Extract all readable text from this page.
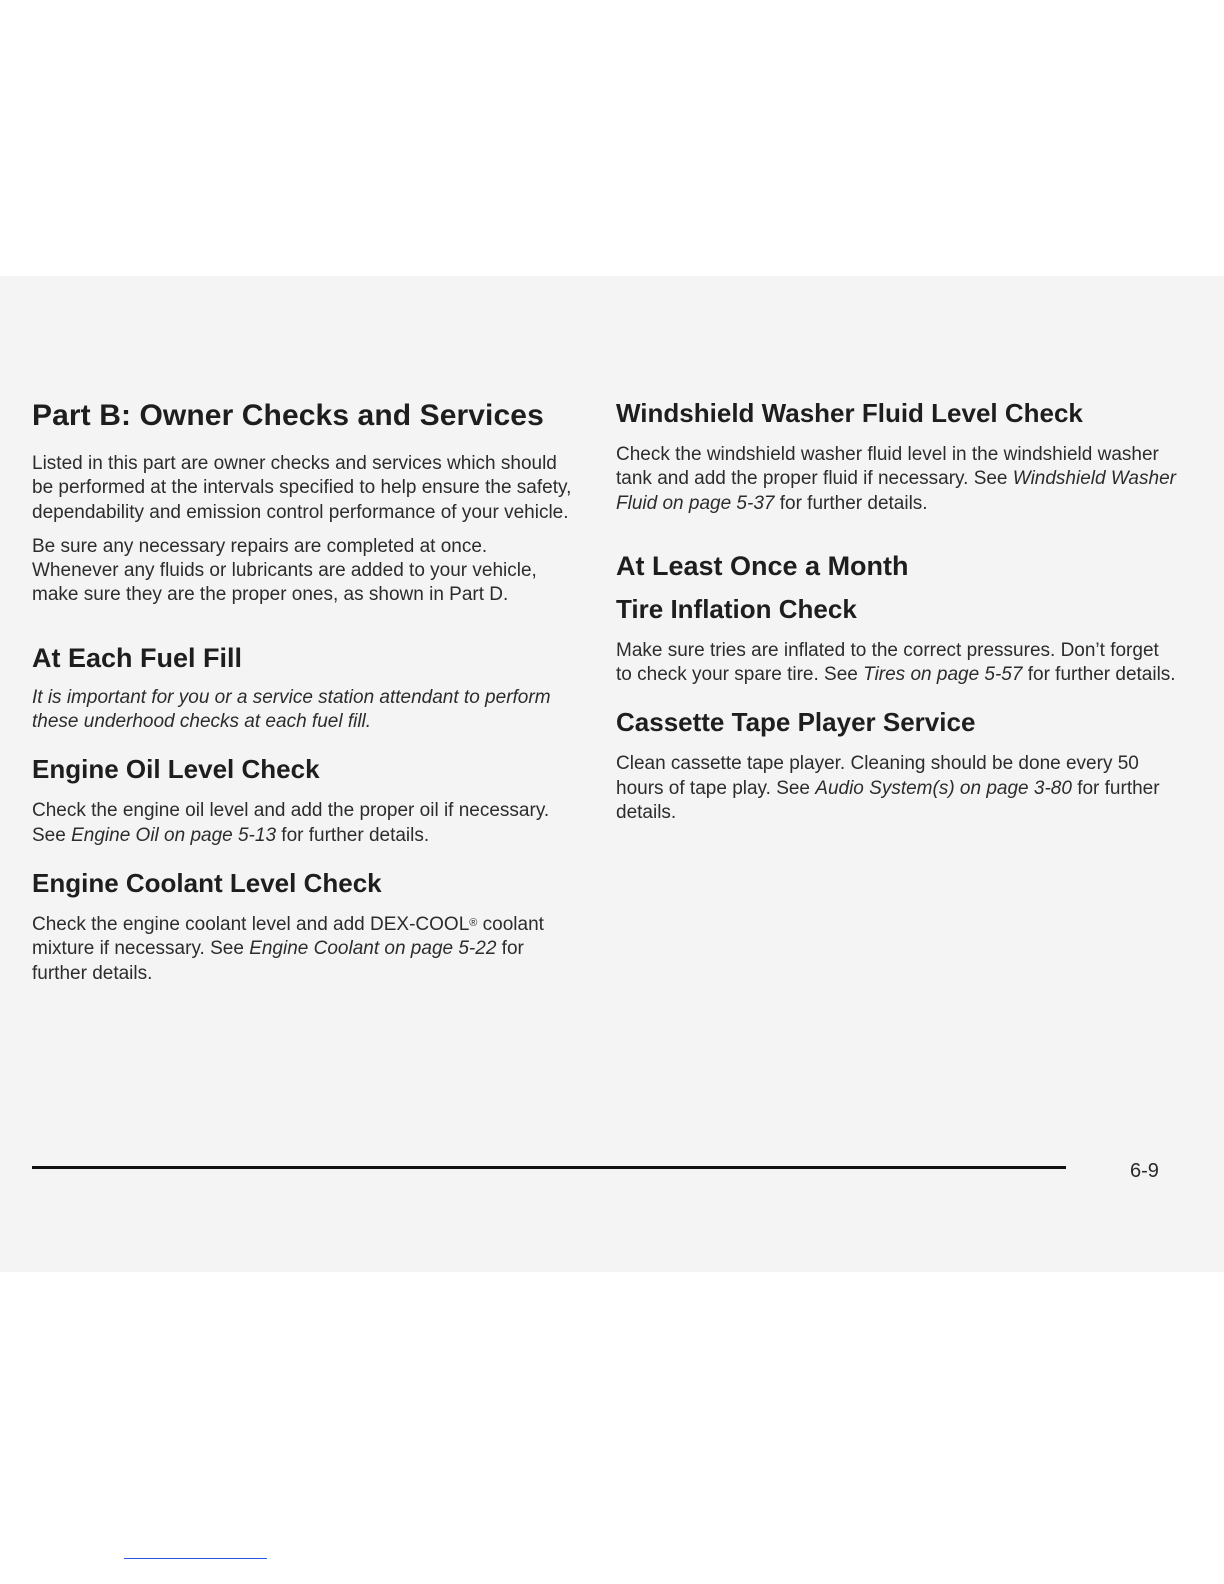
Part B: Owner Checks and Services

Listed in this part are owner checks and services which should be performed at the intervals specified to help ensure the safety, dependability and emission control performance of your vehicle.

Be sure any necessary repairs are completed at once. Whenever any fluids or lubricants are added to your vehicle, make sure they are the proper ones, as shown in Part D.

At Each Fuel Fill

It is important for you or a service station attendant to perform these underhood checks at each fuel fill.

Engine Oil Level Check

Check the engine oil level and add the proper oil if necessary. See Engine Oil on page 5-13 for further details.

Engine Coolant Level Check

Check the engine coolant level and add DEX-COOL® coolant mixture if necessary. See Engine Coolant on page 5-22 for further details.

Windshield Washer Fluid Level Check

Check the windshield washer fluid level in the windshield washer tank and add the proper fluid if necessary. See Windshield Washer Fluid on page 5-37 for further details.

At Least Once a Month
Tire Inflation Check

Make sure tries are inflated to the correct pressures. Don’t forget to check your spare tire. See Tires on page 5-57 for further details.

Cassette Tape Player Service

Clean cassette tape player. Cleaning should be done every 50 hours of tape play. See Audio System(s) on page 3-80 for further details.

6-9
